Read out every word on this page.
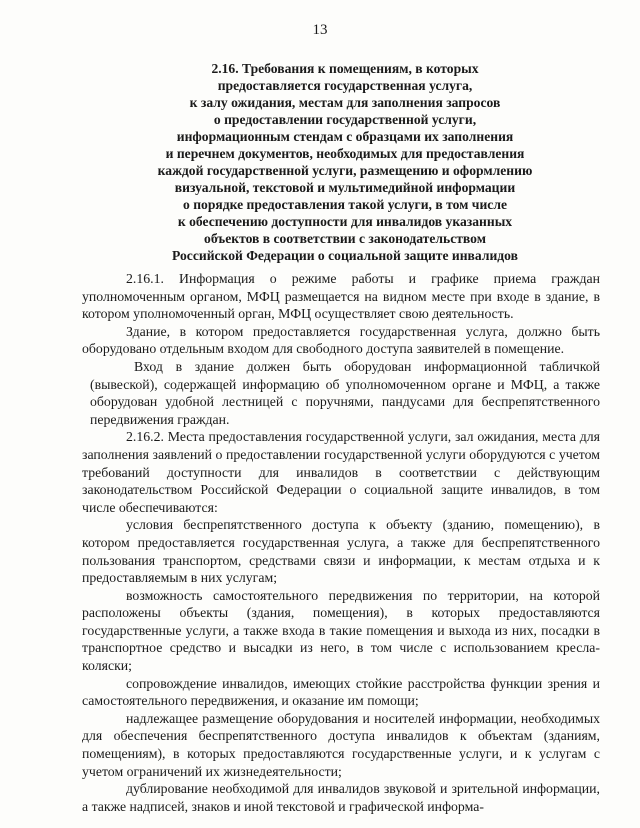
13
2.16. Требования к помещениям, в которых
предоставляется государственная услуга,
к залу ожидания, местам для заполнения запросов
о предоставлении государственной услуги,
информационным стендам с образцами их заполнения
и перечнем документов, необходимых для предоставления
каждой государственной услуги, размещению и оформлению
визуальной, текстовой и мультимедийной информации
о порядке предоставления такой услуги, в том числе
к обеспечению доступности для инвалидов указанных
объектов в соответствии с законодательством
Российской Федерации о социальной защите инвалидов

2.16.1. Информация о режиме работы и графике приема граждан уполномоченным органом, МФЦ размещается на видном месте при входе в здание, в котором уполномоченный орган, МФЦ осуществляет свою деятельность.

Здание, в котором предоставляется государственная услуга, должно быть оборудовано отдельным входом для свободного доступа заявителей в помещение.

Вход в здание должен быть оборудован информационной табличкой (вывеской), содержащей информацию об уполномоченном органе и МФЦ, а также оборудован удобной лестницей с поручнями, пандусами для беспрепятственного передвижения граждан.

2.16.2. Места предоставления государственной услуги, зал ожидания, места для заполнения заявлений о предоставлении государственной услуги оборудуются с учетом требований доступности для инвалидов в соответствии с действующим законодательством Российской Федерации о социальной защите инвалидов, в том числе обеспечиваются:

условия беспрепятственного доступа к объекту (зданию, помещению), в котором предоставляется государственная услуга, а также для беспрепятственного пользования транспортом, средствами связи и информации, к местам отдыха и к предоставляемым в них услугам;

возможность самостоятельного передвижения по территории, на которой расположены объекты (здания, помещения), в которых предоставляются государственные услуги, а также входа в такие помещения и выхода из них, посадки в транспортное средство и высадки из него, в том числе с использованием кресла-коляски;

сопровождение инвалидов, имеющих стойкие расстройства функции зрения и самостоятельного передвижения, и оказание им помощи;

надлежащее размещение оборудования и носителей информации, необходимых для обеспечения беспрепятственного доступа инвалидов к объектам (зданиям, помещениям), в которых предоставляются государственные услуги, и к услугам с учетом ограничений их жизнедеятельности;

дублирование необходимой для инвалидов звуковой и зрительной информации, а также надписей, знаков и иной текстовой и графической информа-
